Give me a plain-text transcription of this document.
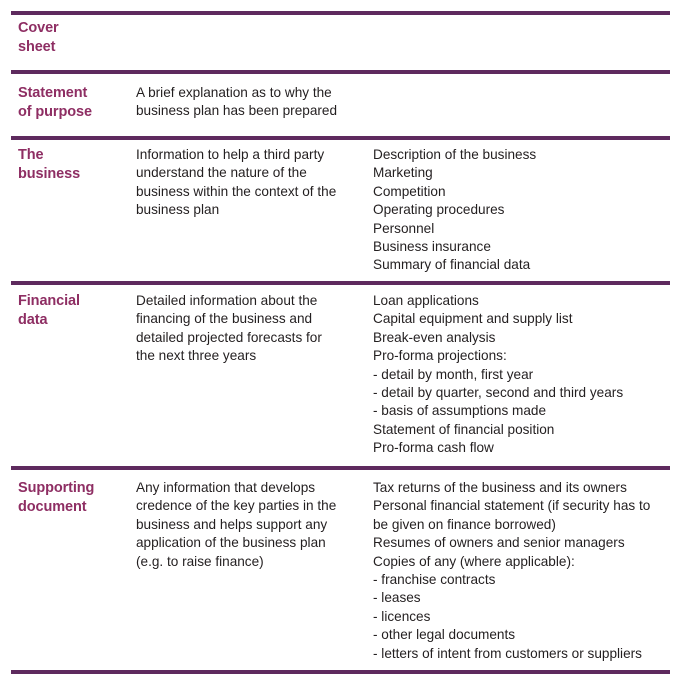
Cover
sheet
Statement
of purpose
A brief explanation as to why the
business plan has been prepared
The
business
Information to help a third party
understand the nature of the
business within the context of the
business plan
Description of the business
Marketing
Competition
Operating procedures
Personnel
Business insurance
Summary of financial data
Financial
data
Detailed information about the
financing of the business and
detailed projected forecasts for
the next three years
Loan applications
Capital equipment and supply list
Break-even analysis
Pro-forma projections:
- detail by month, first year
- detail by quarter, second and third years
- basis of assumptions made
Statement of financial position
Pro-forma cash flow
Supporting
document
Any information that develops
credence of the key parties in the
business and helps support any
application of the business plan
(e.g. to raise finance)
Tax returns of the business and its owners
Personal financial statement (if security has to
be given on finance borrowed)
Resumes of owners and senior managers
Copies of any (where applicable):
- franchise contracts
- leases
- licences
- other legal documents
- letters of intent from customers or suppliers
